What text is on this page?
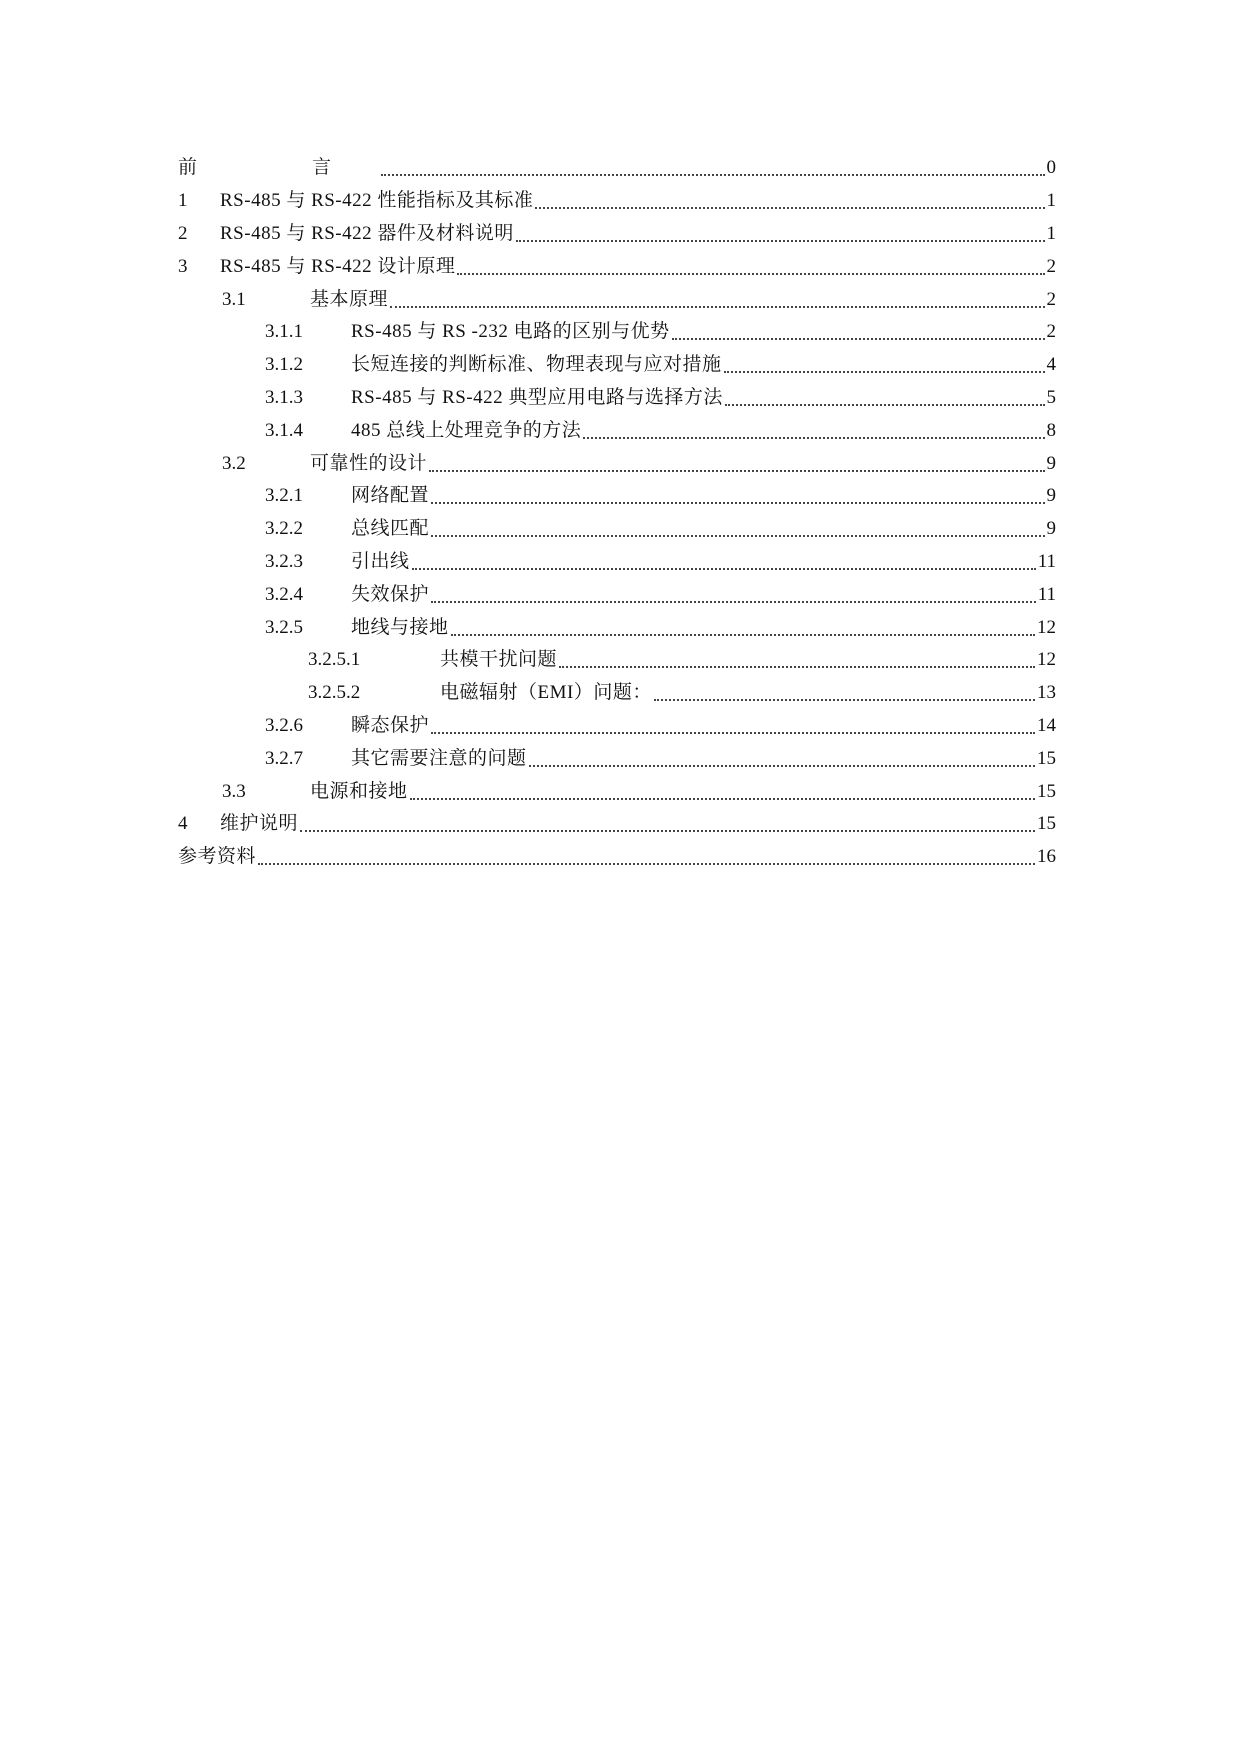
前　言	0
1	RS-485 与 RS-422 性能指标及其标准	1
2	RS-485 与 RS-422 器件及材料说明	1
3	RS-485 与 RS-422 设计原理	2
3.1	基本原理	2
3.1.1	RS-485 与 RS -232 电路的区别与优势	2
3.1.2	长短连接的判断标准、物理表现与应对措施	4
3.1.3	RS-485 与 RS-422 典型应用电路与选择方法	5
3.1.4	485 总线上处理竞争的方法	8
3.2	可靠性的设计	9
3.2.1	网络配置	9
3.2.2	总线匹配	9
3.2.3	引出线	11
3.2.4	失效保护	11
3.2.5	地线与接地	12
3.2.5.1	共模干扰问题	12
3.2.5.2	电磁辐射（EMI）问题：	13
3.2.6	瞬态保护	14
3.2.7	其它需要注意的问题	15
3.3	电源和接地	15
4	维护说明	15
参考资料	16
